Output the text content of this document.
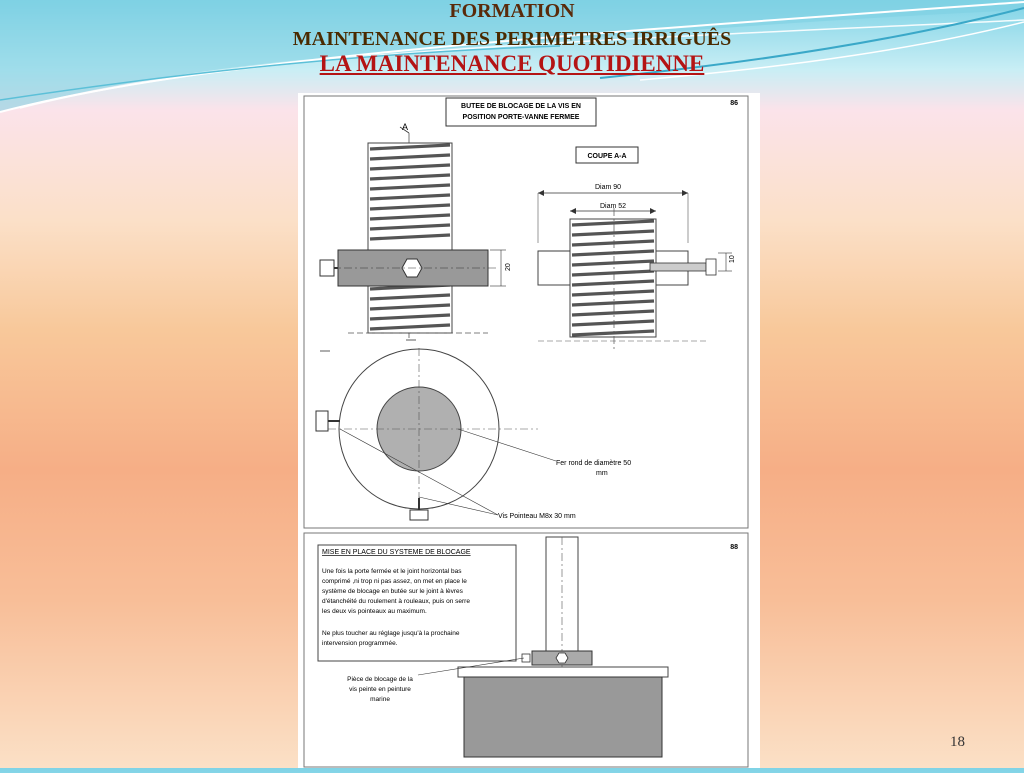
FORMATION
MAINTENANCE DES PERIMETRES IRRIGUÊS
LA MAINTENANCE QUOTIDIENNE
BUTEE DE BLOCAGE DE LA VIS EN
POSITION PORTE-VANNE FERMEE
86
COUPE A-A
A
20
Diam 90
Diam 52
10
Fer rond de diamètre 50
mm
Vis Pointeau M8x 30 mm
88
MISE EN PLACE DU SYSTEME DE BLOCAGE
Une fois la porte fermée et le joint horizontal bas
comprimé ,ni trop ni pas assez, on met en place le
système de blocage en butée sur le joint à lèvres
d'étanchéité du roulement à rouleaux, puis on serre
les deux vis pointeaux au maximum.
Ne plus toucher au réglage jusqu'à la prochaine
intervension programmée.
Pièce de blocage de la
vis peinte en peinture
marine
18
